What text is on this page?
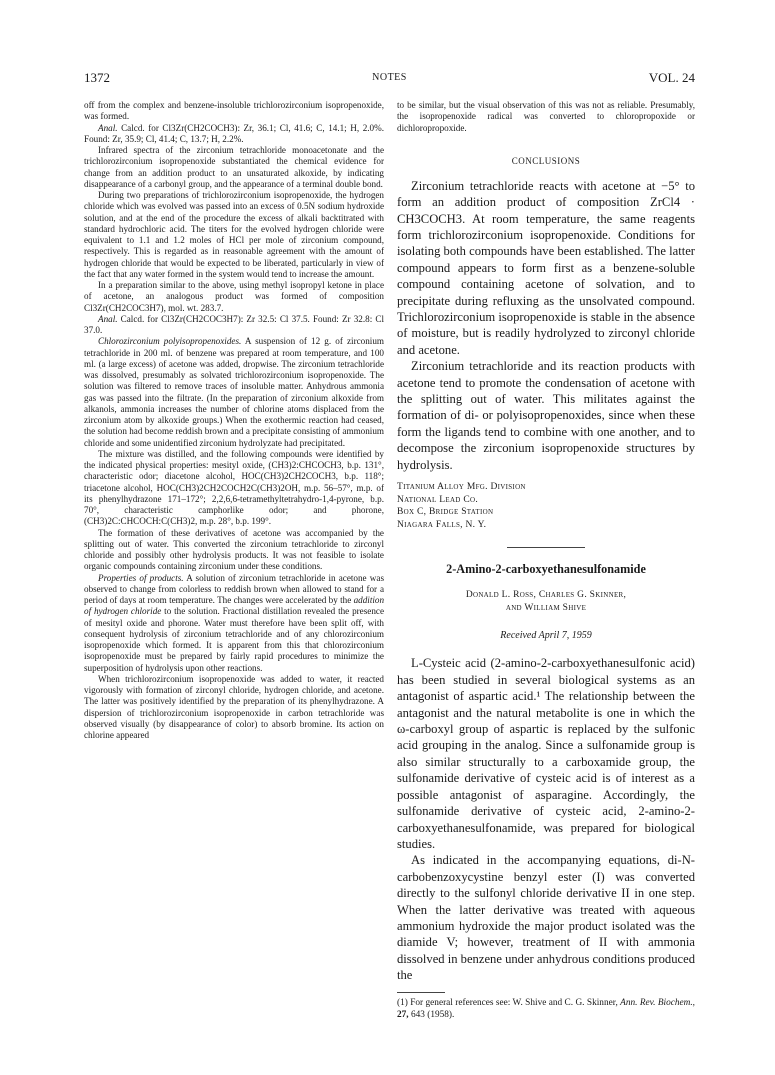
1372	NOTES	VOL. 24

off from the complex and benzene-insoluble trichlorozirconium isopropenoxide, was formed.

Anal. Calcd. for Cl3Zr(CH2COCH3): Zr, 36.1; Cl, 41.6; C, 14.1; H, 2.0%. Found: Zr, 35.9; Cl, 41.4; C, 13.7; H, 2.2%.

Infrared spectra of the zirconium tetrachloride monoacetonate and the trichlorozirconium isopropenoxide substantiated the chemical evidence for change from an addition product to an unsaturated alkoxide, by indicating disappearance of a carbonyl group, and the appearance of a terminal double bond.

During two preparations of trichlorozirconium isopropenoxide, the hydrogen chloride which was evolved was passed into an excess of 0.5N sodium hydroxide solution, and at the end of the procedure the excess of alkali backtitrated with standard hydrochloric acid. The titers for the evolved hydrogen chloride were equivalent to 1.1 and 1.2 moles of HCl per mole of zirconium compound, respectively. This is regarded as in reasonable agreement with the amount of hydrogen chloride that would be expected to be liberated, particularly in view of the fact that any water formed in the system would tend to increase the amount.

In a preparation similar to the above, using methyl isopropyl ketone in place of acetone, an analogous product was formed of composition Cl3Zr(CH2COC3H7), mol. wt. 283.7.

Anal. Calcd. for Cl3Zr(CH2COC3H7): Zr 32.5: Cl 37.5. Found: Zr 32.8: Cl 37.0.

Chlorozirconium polyisopropenoxides. A suspension of 12 g. of zirconium tetrachloride in 200 ml. of benzene was prepared at room temperature, and 100 ml. (a large excess) of acetone was added, dropwise. The zirconium tetrachloride was dissolved, presumably as solvated trichlorozirconium isopropenoxide. The solution was filtered to remove traces of insoluble matter. Anhydrous ammonia gas was passed into the filtrate. (In the preparation of zirconium alkoxide from alkanols, ammonia increases the number of chlorine atoms displaced from the zirconium atom by alkoxide groups.) When the exothermic reaction had ceased, the solution had become reddish brown and a precipitate consisting of ammonium chloride and some unidentified zirconium hydrolyzate had precipitated.

The mixture was distilled, and the following compounds were identified by the indicated physical properties: mesityl oxide, (CH3)2:CHCOCH3, b.p. 131°, characteristic odor; diacetone alcohol, HOC(CH3)2CH2COCH3, b.p. 118°; triacetone alcohol, HOC(CH3)2CH2COCH2C(CH3)2OH, m.p. 56–57°, m.p. of its phenylhydrazone 171–172°; 2,2,6,6-tetramethyltetrahydro-1,4-pyrone, b.p. 70°, characteristic camphorlike odor; and phorone, (CH3)2C:CHCOCH:C(CH3)2, m.p. 28°, b.p. 199°.

The formation of these derivatives of acetone was accompanied by the splitting out of water. This converted the zirconium tetrachloride to zirconyl chloride and possibly other hydrolysis products. It was not feasible to isolate organic compounds containing zirconium under these conditions.

Properties of products. A solution of zirconium tetrachloride in acetone was observed to change from colorless to reddish brown when allowed to stand for a period of days at room temperature. The changes were accelerated by the addition of hydrogen chloride to the solution. Fractional distillation revealed the presence of mesityl oxide and phorone. Water must therefore have been split off, with consequent hydrolysis of zirconium tetrachloride and of any chlorozirconium isopropenoxide which formed. It is apparent from this that chlorozirconium isopropenoxide must be prepared by fairly rapid procedures to minimize the superposition of hydrolysis upon other reactions.

When trichlorozirconium isopropenoxide was added to water, it reacted vigorously with formation of zirconyl chloride, hydrogen chloride, and acetone. The latter was positively identified by the preparation of its phenylhydrazone. A dispersion of trichlorozirconium isopropenoxide in carbon tetrachloride was observed visually (by disappearance of color) to absorb bromine. Its action on chlorine appeared

to be similar, but the visual observation of this was not as reliable. Presumably, the isopropenoxide radical was converted to chloropropoxide or dichloropropoxide.

CONCLUSIONS

Zirconium tetrachloride reacts with acetone at −5° to form an addition product of composition ZrCl4 · CH3COCH3. At room temperature, the same reagents form trichlorozirconium isopropenoxide. Conditions for isolating both compounds have been established. The latter compound appears to form first as a benzene-soluble compound containing acetone of solvation, and to precipitate during refluxing as the unsolvated compound. Trichlorozirconium isopropenoxide is stable in the absence of moisture, but is readily hydrolyzed to zirconyl chloride and acetone.

Zirconium tetrachloride and its reaction products with acetone tend to promote the condensation of acetone with the splitting out of water. This militates against the formation of di- or polyisopropenoxides, since when these form the ligands tend to combine with one another, and to decompose the zirconium isopropenoxide structures by hydrolysis.

Titanium Alloy Mfg. Division
National Lead Co.
Box C, Bridge Station
Niagara Falls, N. Y.
2-Amino-2-carboxyethanesulfonamide
Donald L. Ross, Charles G. Skinner,
and William Shive
Received April 7, 1959

L-Cysteic acid (2-amino-2-carboxyethanesulfonic acid) has been studied in several biological systems as an antagonist of aspartic acid.¹ The relationship between the antagonist and the natural metabolite is one in which the ω-carboxyl group of aspartic is replaced by the sulfonic acid grouping in the analog. Since a sulfonamide group is also similar structurally to a carboxamide group, the sulfonamide derivative of cysteic acid is of interest as a possible antagonist of asparagine. Accordingly, the sulfonamide derivative of cysteic acid, 2-amino-2-carboxyethanesulfonamide, was prepared for biological studies.

As indicated in the accompanying equations, di-N-carbobenzoxycystine benzyl ester (I) was converted directly to the sulfonyl chloride derivative II in one step. When the latter derivative was treated with aqueous ammonium hydroxide the major product isolated was the diamide V; however, treatment of II with ammonia dissolved in benzene under anhydrous conditions produced the

(1) For general references see: W. Shive and C. G. Skinner, Ann. Rev. Biochem., 27, 643 (1958).
